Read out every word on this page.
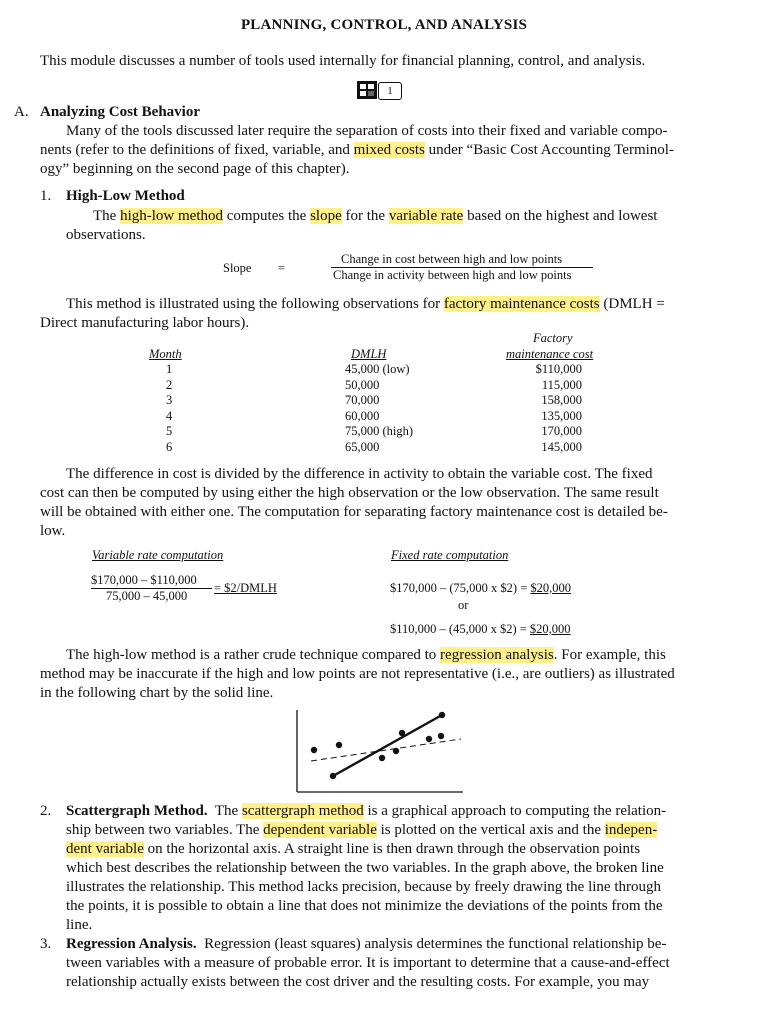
PLANNING, CONTROL, AND ANALYSIS
This module discusses a number of tools used internally for financial planning, control, and analysis.
1
A. Analyzing Cost Behavior
Many of the tools discussed later require the separation of costs into their fixed and variable compo-
nents (refer to the definitions of fixed, variable, and mixed costs under “Basic Cost Accounting Terminol-
ogy” beginning on the second page of this chapter).
1. High-Low Method
The high-low method computes the slope for the variable rate based on the highest and lowest
observations.
Slope =
Change in cost between high and low points
Change in activity between high and low points
This method is illustrated using the following observations for factory maintenance costs (DMLH =
Direct manufacturing labor hours).
Factory
Month	DMLH	maintenance cost
1
2
3
4
5
6
45,000 (low)
50,000
70,000
60,000
75,000 (high)
65,000
$110,000
115,000
158,000
135,000
170,000
145,000
The difference in cost is divided by the difference in activity to obtain the variable cost. The fixed
cost can then be computed by using either the high observation or the low observation. The same result
will be obtained with either one. The computation for separating factory maintenance cost is detailed be-
low.
Variable rate computation
$170,000 – $110,000
75,000 – 45,000
= $2/DMLH
Fixed rate computation
$170,000 – (75,000 x $2) = $20,000
or
$110,000 – (45,000 x $2) = $20,000
The high-low method is a rather crude technique compared to regression analysis. For example, this
method may be inaccurate if the high and low points are not representative (i.e., are outliers) as illustrated
in the following chart by the solid line.
2. Scattergraph Method.  The scattergraph method is a graphical approach to computing the relation-
ship between two variables. The dependent variable is plotted on the vertical axis and the indepen-
dent variable on the horizontal axis. A straight line is then drawn through the observation points
which best describes the relationship between the two variables. In the graph above, the broken line
illustrates the relationship. This method lacks precision, because by freely drawing the line through
the points, it is possible to obtain a line that does not minimize the deviations of the points from the
line.
3. Regression Analysis.  Regression (least squares) analysis determines the functional relationship be-
tween variables with a measure of probable error. It is important to determine that a cause-and-effect
relationship actually exists between the cost driver and the resulting costs. For example, you may
